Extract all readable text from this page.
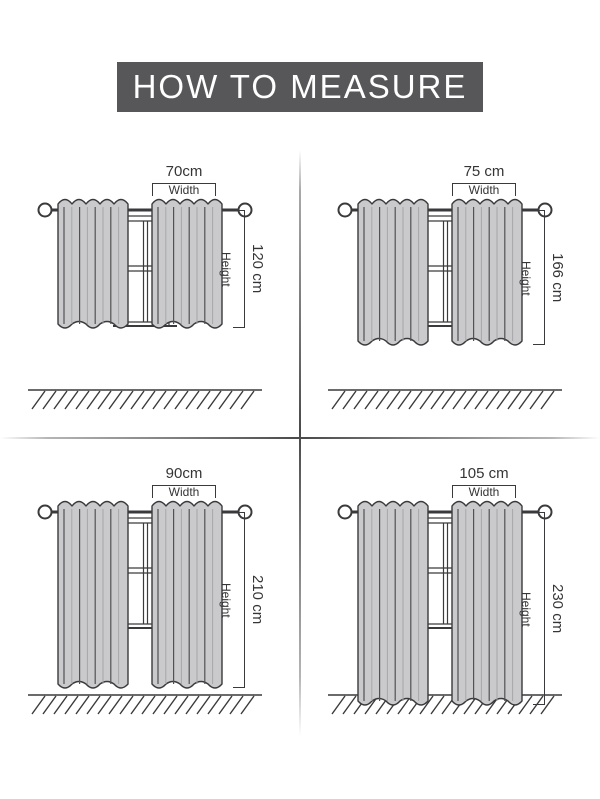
HOW TO MEASURE
70cm
Width
Height 120 cm
75 cm
Width
Height 166 cm
90cm
Width
Height 210 cm
105 cm
Width
Height 230 cm
